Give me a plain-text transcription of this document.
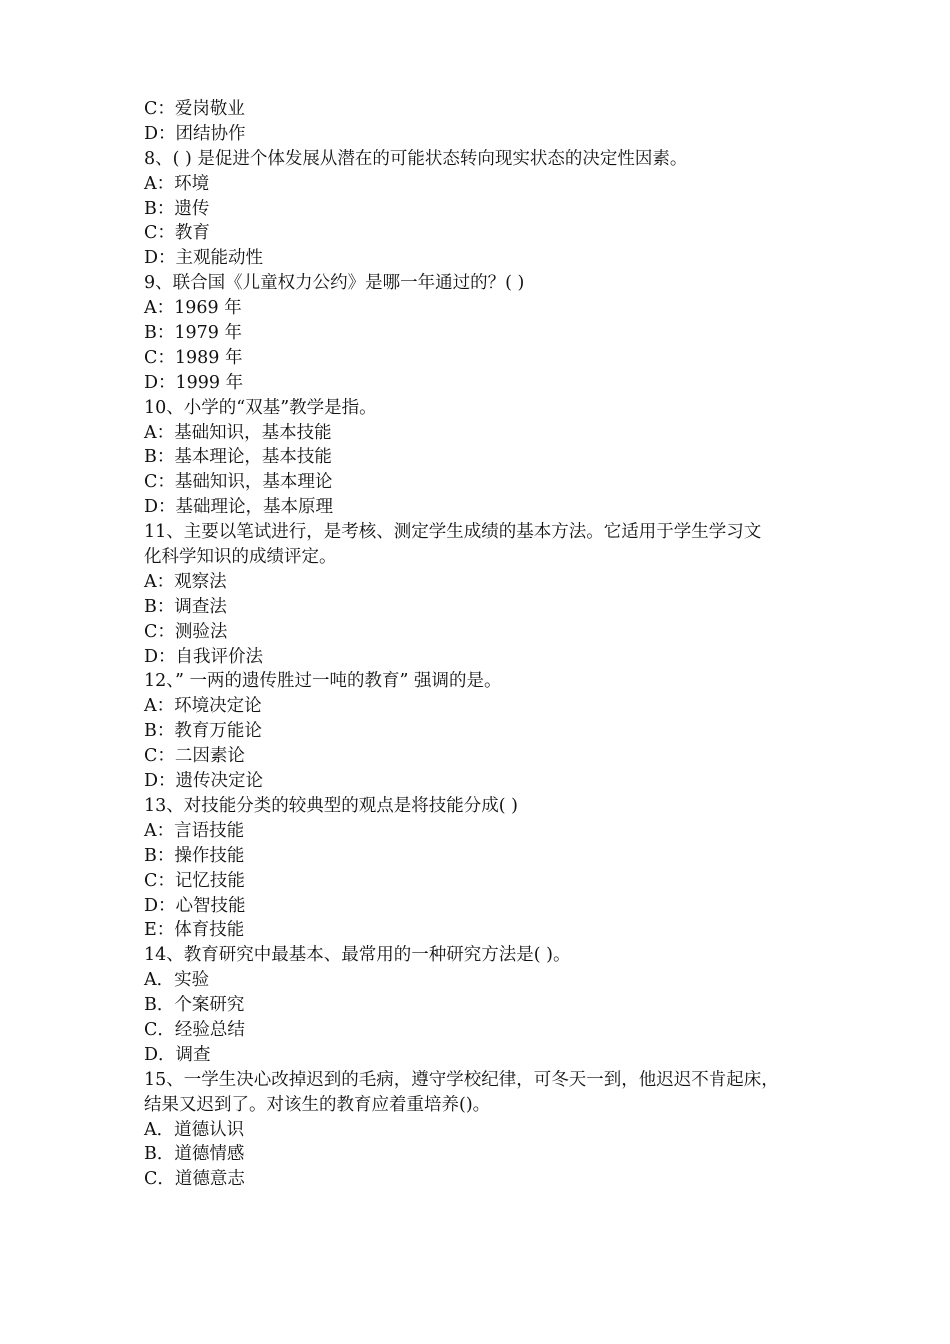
C：爱岗敬业
D：团结协作
8、( ) 是促进个体发展从潜在的可能状态转向现实状态的决定性因素。
A：环境
B：遗传
C：教育
D：主观能动性
9、联合国《儿童权力公约》是哪一年通过的？( )
A：1969 年
B：1979 年
C：1989 年
D：1999 年
10、小学的“双基”教学是指。
A：基础知识，基本技能
B：基本理论，基本技能
C：基础知识，基本理论
D：基础理论，基本原理
11、主要以笔试进行，是考核、测定学生成绩的基本方法。它适用于学生学习文
化科学知识的成绩评定。
A：观察法
B：调查法
C：测验法
D：自我评价法
12、” 一两的遗传胜过一吨的教育” 强调的是。
A：环境决定论
B：教育万能论
C：二因素论
D：遗传决定论
13、对技能分类的较典型的观点是将技能分成( )
A：言语技能
B：操作技能
C：记忆技能
D：心智技能
E：体育技能
14、教育研究中最基本、最常用的一种研究方法是( )。
A．实验
B．个案研究
C．经验总结
D．调查
15、一学生决心改掉迟到的毛病，遵守学校纪律，可冬天一到，他迟迟不肯起床，
结果又迟到了。对该生的教育应着重培养()。
A．道德认识
B．道德情感
C．道德意志
